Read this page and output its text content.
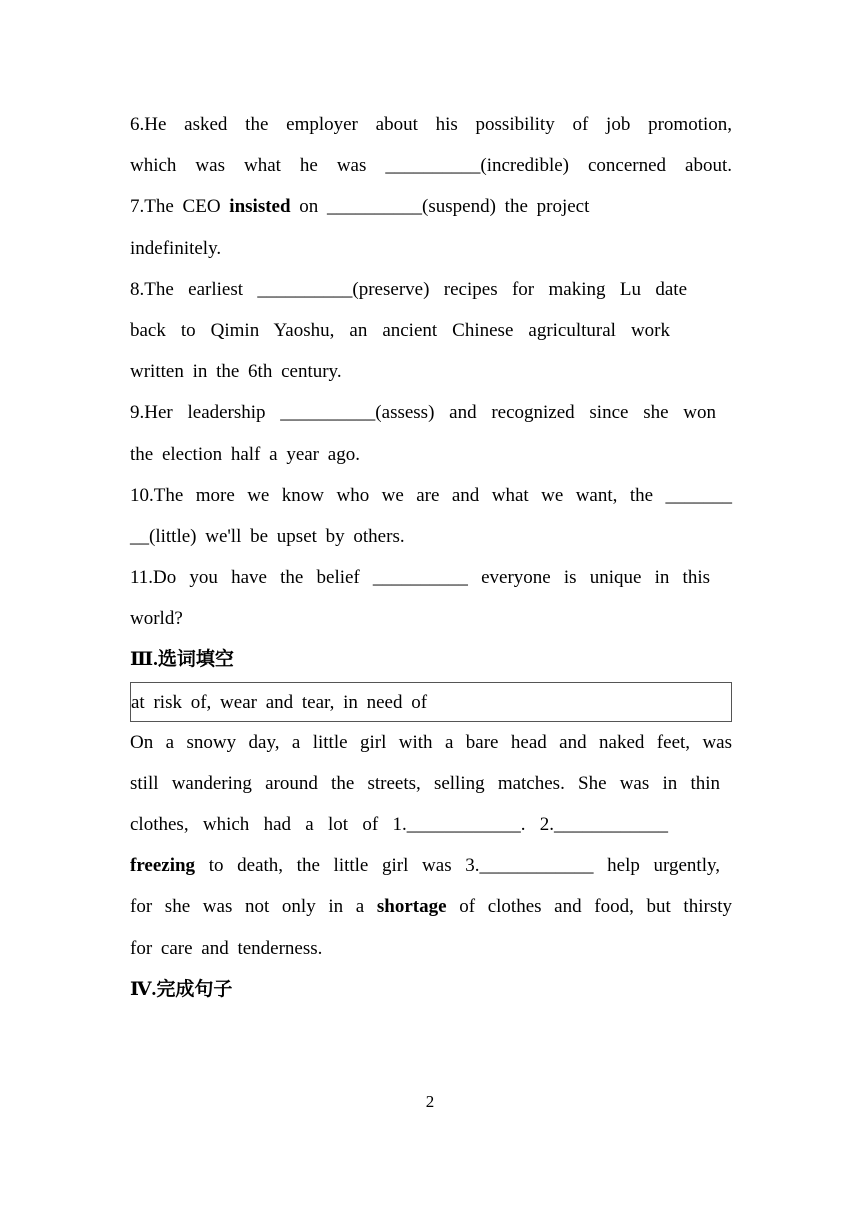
6.He asked the employer about his possibility of job promotion,
which was what he was __________(incredible) concerned about.
7.The CEO insisted on __________(suspend) the project
indefinitely.
8.The earliest __________(preserve) recipes for making Lu date
back to Qimin Yaoshu, an ancient Chinese agricultural work
written in the 6th century.
9.Her leadership __________(assess) and recognized since she won
the election half a year ago.
10.The more we know who we are and what we want, the _______
__(little) we'll be upset by others.
11.Do you have the belief __________ everyone is unique in this
world?
Ⅲ.选词填空
at risk of, wear and tear, in need of
On a snowy day, a little girl with a bare head and naked feet, was
still wandering around the streets, selling matches. She was in thin
clothes, which had a lot of 1.____________. 2.____________
freezing to death, the little girl was 3.____________ help urgently,
for she was not only in a shortage of clothes and food, but thirsty
for care and tenderness.
Ⅳ.完成句子
2
